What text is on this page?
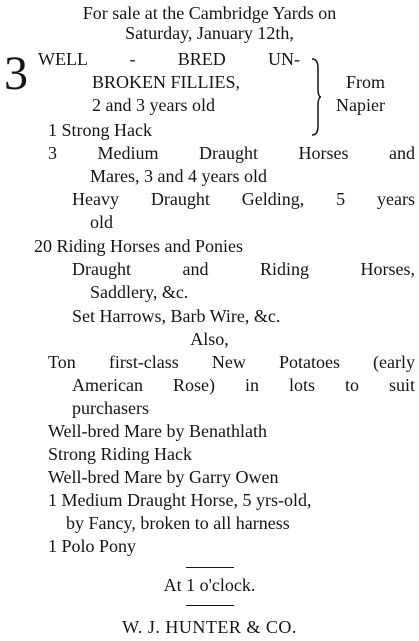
For sale at the Cambridge Yards on
Saturday, January 12th,
3 WELL - BRED UN-
BROKEN FILLIES,
2 and 3 years old
From
Napier
1 Strong Hack
3 Medium Draught Horses and
Mares, 3 and 4 years old
Heavy Draught Gelding, 5 years
old
20 Riding Horses and Ponies
Draught and Riding Horses,
Saddlery, &c.
Set Harrows, Barb Wire, &c.
Also,
Ton first-class New Potatoes (early
American Rose) in lots to suit
purchasers
Well-bred Mare by Benathlath
Strong Riding Hack
Well-bred Mare by Garry Owen
1 Medium Draught Horse, 5 yrs-old,
by Fancy, broken to all harness
1 Polo Pony
At 1 o'clock.
W. J. HUNTER & CO.
